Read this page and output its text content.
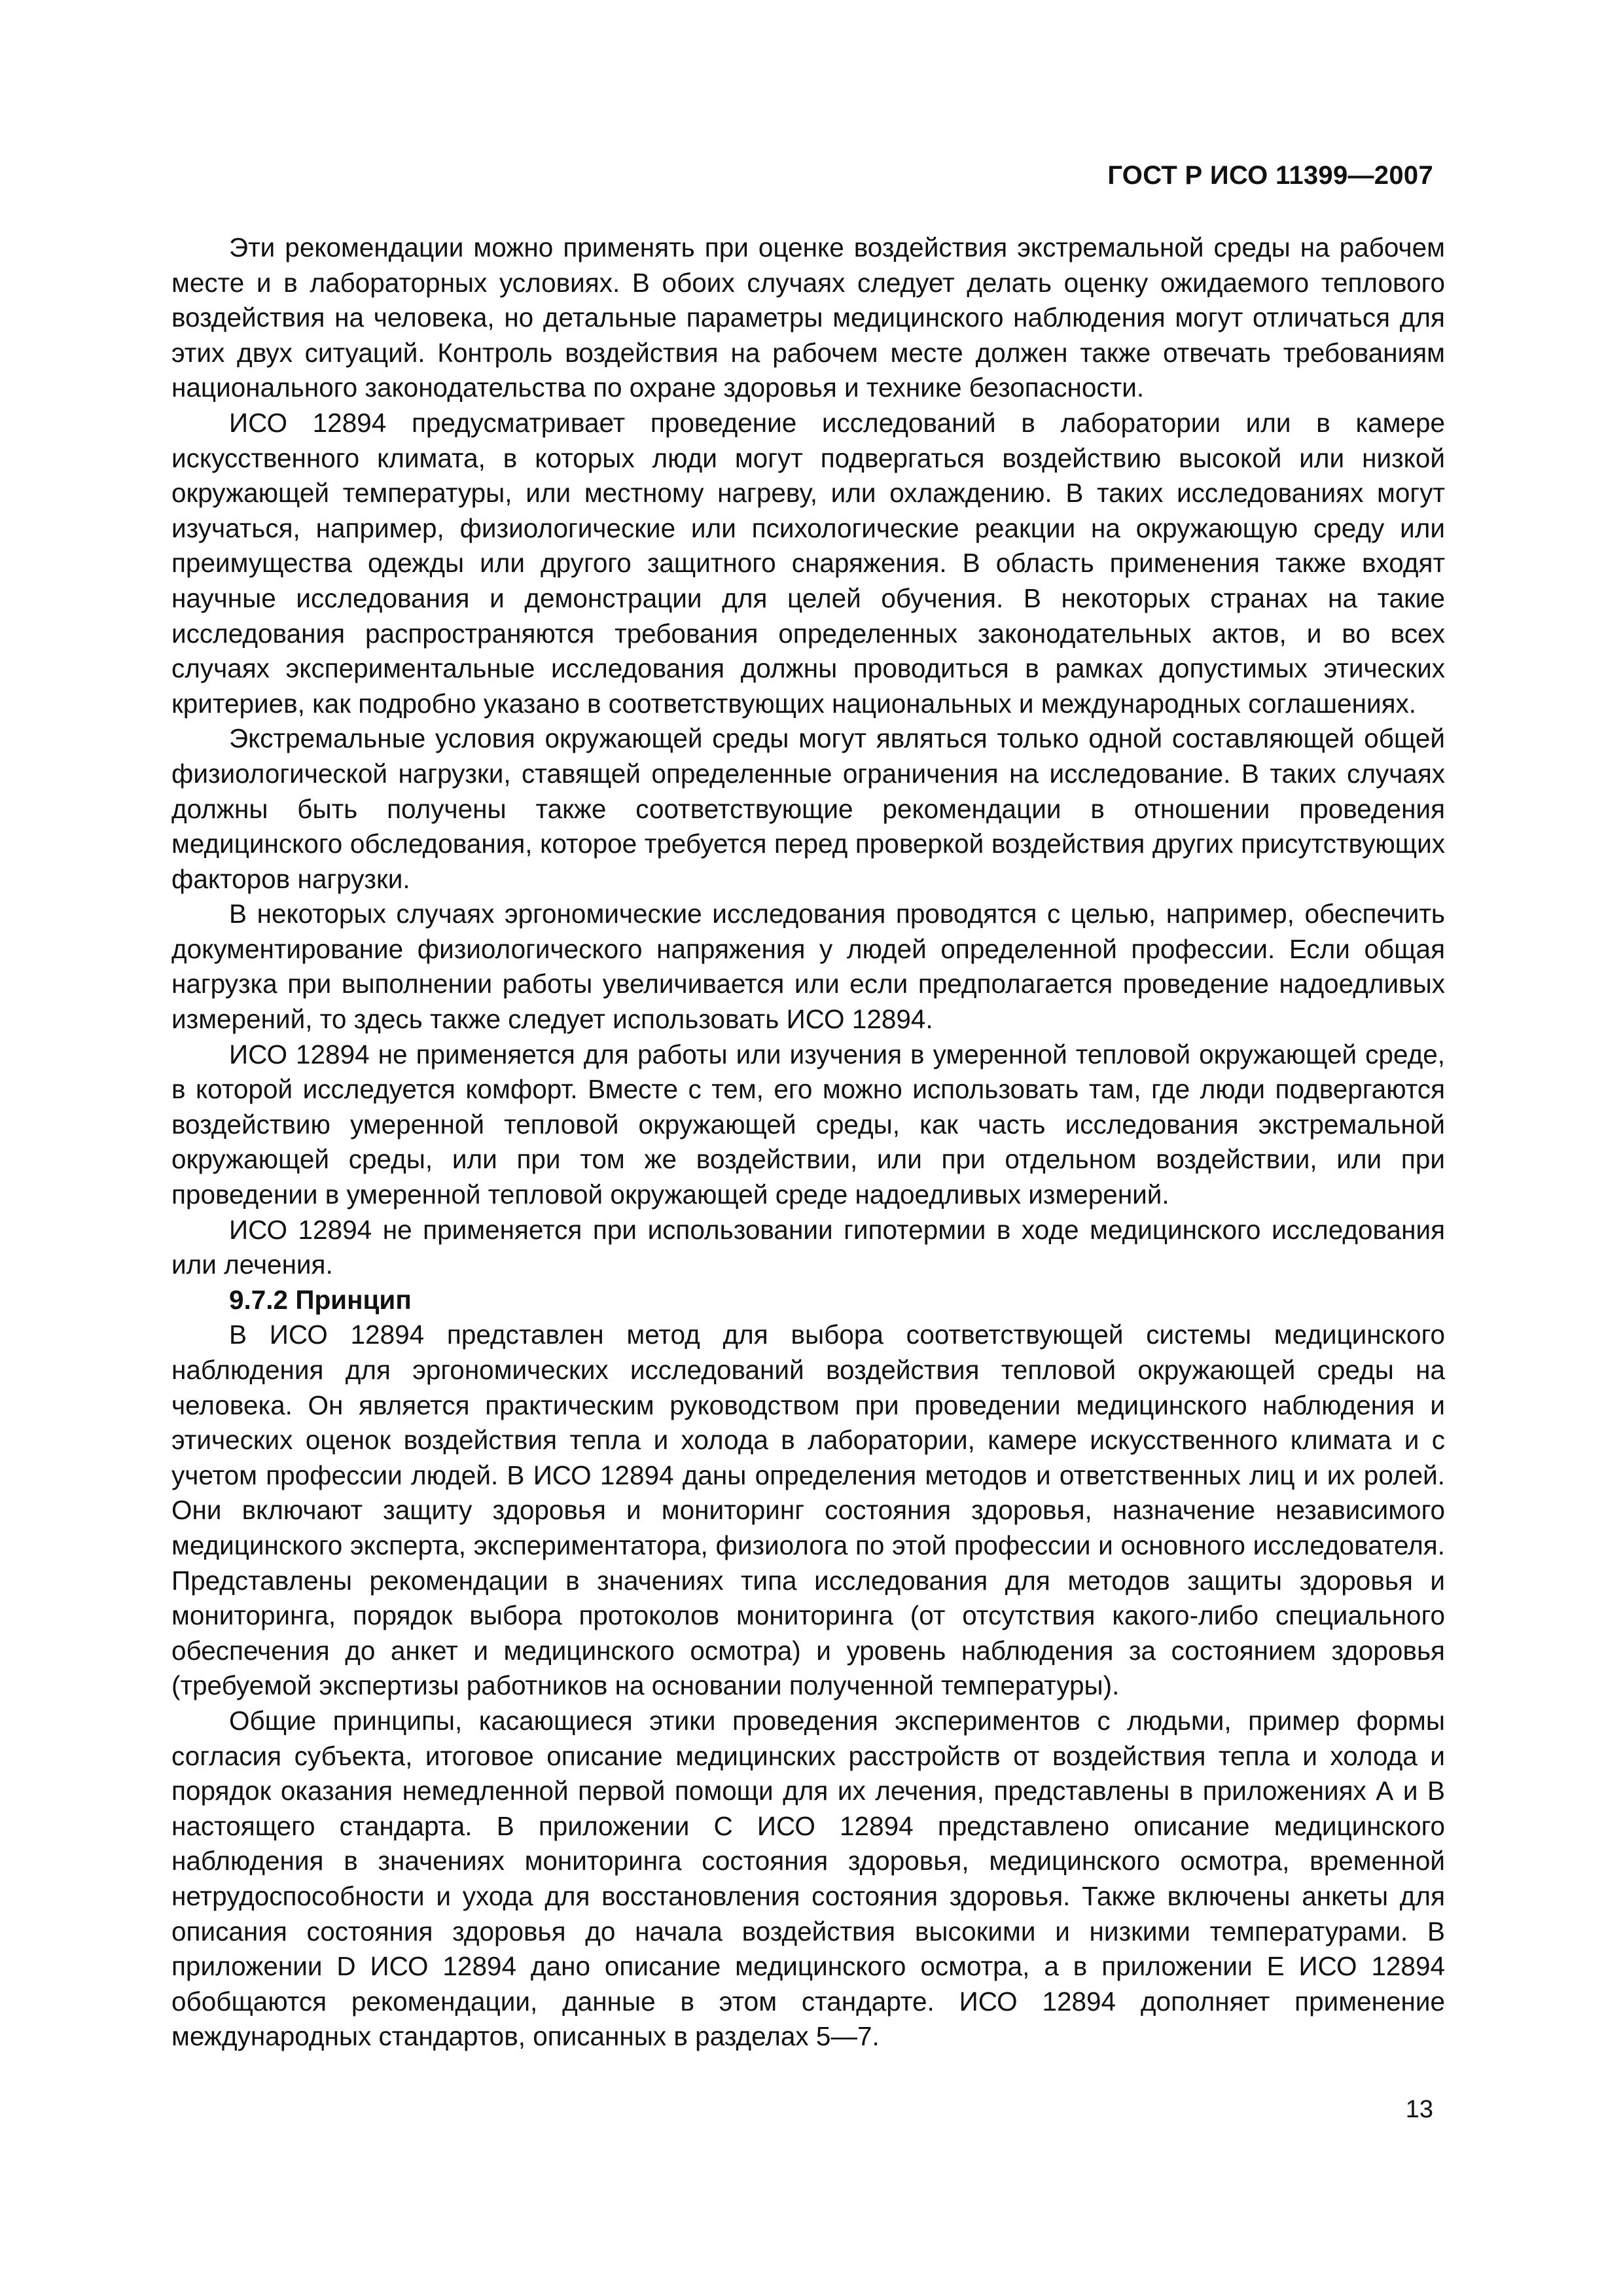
ГОСТ Р ИСО 11399—2007

Эти рекомендации можно применять при оценке воздействия экстремальной среды на рабочем месте и в лабораторных условиях. В обоих случаях следует делать оценку ожидаемого теплового воздействия на человека, но детальные параметры медицинского наблюдения могут отличаться для этих двух ситуаций. Контроль воздействия на рабочем месте должен также отвечать требованиям национального законодательства по охране здоровья и технике безопасности.

ИСО 12894 предусматривает проведение исследований в лаборатории или в камере искусственного климата, в которых люди могут подвергаться воздействию высокой или низкой окружающей температуры, или местному нагреву, или охлаждению. В таких исследованиях могут изучаться, например, физиологические или психологические реакции на окружающую среду или преимущества одежды или другого защитного снаряжения. В область применения также входят научные исследования и демонстрации для целей обучения. В некоторых странах на такие исследования распространяются требования определенных законодательных актов, и во всех случаях экспериментальные исследования должны проводиться в рамках допустимых этических критериев, как подробно указано в соответствующих национальных и международных соглашениях.

Экстремальные условия окружающей среды могут являться только одной составляющей общей физиологической нагрузки, ставящей определенные ограничения на исследование. В таких случаях должны быть получены также соответствующие рекомендации в отношении проведения медицинского обследования, которое требуется перед проверкой воздействия других присутствующих факторов нагрузки.

В некоторых случаях эргономические исследования проводятся с целью, например, обеспечить документирование физиологического напряжения у людей определенной профессии. Если общая нагрузка при выполнении работы увеличивается или если предполагается проведение надоедливых измерений, то здесь также следует использовать ИСО 12894.

ИСО 12894 не применяется для работы или изучения в умеренной тепловой окружающей среде, в которой исследуется комфорт. Вместе с тем, его можно использовать там, где люди подвергаются воздействию умеренной тепловой окружающей среды, как часть исследования экстремальной окружающей среды, или при том же воздействии, или при отдельном воздействии, или при проведении в умеренной тепловой окружающей среде надоедливых измерений.

ИСО 12894 не применяется при использовании гипотермии в ходе медицинского исследования или лечения.

9.7.2 Принцип

В ИСО 12894 представлен метод для выбора соответствующей системы медицинского наблюдения для эргономических исследований воздействия тепловой окружающей среды на человека. Он является практическим руководством при проведении медицинского наблюдения и этических оценок воздействия тепла и холода в лаборатории, камере искусственного климата и с учетом профессии людей. В ИСО 12894 даны определения методов и ответственных лиц и их ролей. Они включают защиту здоровья и мониторинг состояния здоровья, назначение независимого медицинского эксперта, экспериментатора, физиолога по этой профессии и основного исследователя. Представлены рекомендации в значениях типа исследования для методов защиты здоровья и мониторинга, порядок выбора протоколов мониторинга (от отсутствия какого-либо специального обеспечения до анкет и медицинского осмотра) и уровень наблюдения за состоянием здоровья (требуемой экспертизы работников на основании полученной температуры).

Общие принципы, касающиеся этики проведения экспериментов с людьми, пример формы согласия субъекта, итоговое описание медицинских расстройств от воздействия тепла и холода и порядок оказания немедленной первой помощи для их лечения, представлены в приложениях А и В настоящего стандарта. В приложении С ИСО 12894 представлено описание медицинского наблюдения в значениях мониторинга состояния здоровья, медицинского осмотра, временной нетрудоспособности и ухода для восстановления состояния здоровья. Также включены анкеты для описания состояния здоровья до начала воздействия высокими и низкими температурами. В приложении D ИСО 12894 дано описание медицинского осмотра, а в приложении Е ИСО 12894 обобщаются рекомендации, данные в этом стандарте. ИСО 12894 дополняет применение международных стандартов, описанных в разделах 5—7.

13
